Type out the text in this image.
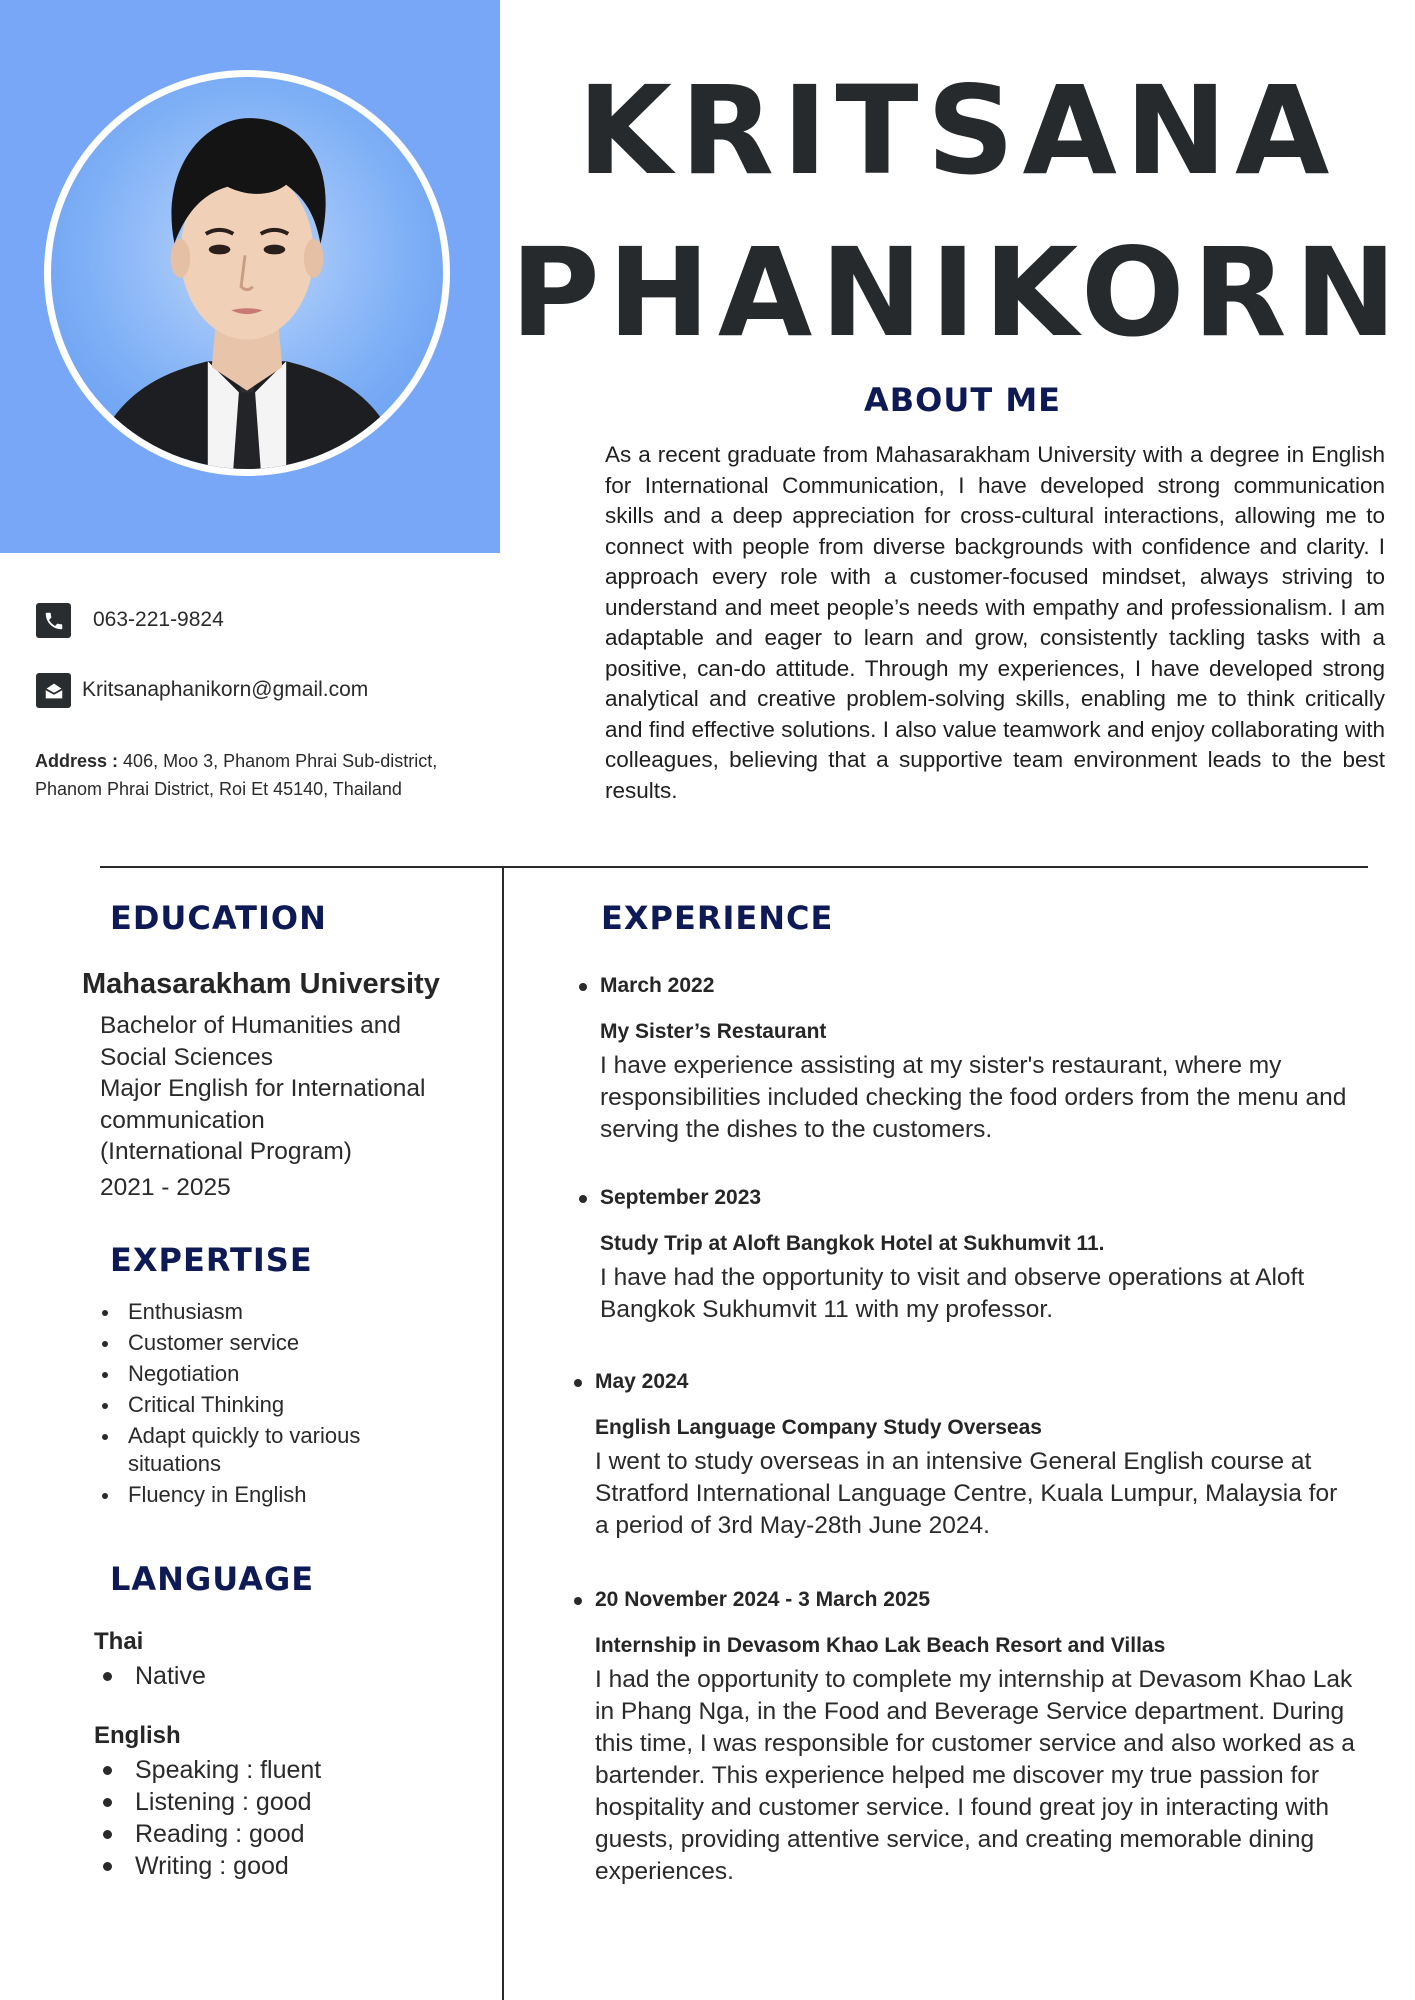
KRITSANA
PHANIKORN
ABOUT ME
As a recent graduate from Mahasarakham University with a degree in English for International Communication, I have developed strong communication skills and a deep appreciation for cross-cultural interactions, allowing me to connect with people from diverse backgrounds with confidence and clarity. I approach every role with a customer-focused mindset, always striving to understand and meet people’s needs with empathy and professionalism. I am adaptable and eager to learn and grow, consistently tackling tasks with a positive, can-do attitude. Through my experiences, I have developed strong analytical and creative problem-solving skills, enabling me to think critically and find effective solutions. I also value teamwork and enjoy collaborating with colleagues, believing that a supportive team environment leads to the best results.
063-221-9824
Kritsanaphanikorn@gmail.com
Address : 406, Moo 3, Phanom Phrai Sub-district,
Phanom Phrai District, Roi Et 45140, Thailand
EDUCATION
Mahasarakham University
Bachelor of Humanities and
Social Sciences
Major English for International
communication
(International Program)
2021 - 2025
EXPERTISE
Enthusiasm
Customer service
Negotiation
Critical Thinking
Adapt quickly to various situations
Fluency in English
LANGUAGE
Thai
Native
English
Speaking : fluent
Listening : good
Reading : good
Writing : good
EXPERIENCE
March 2022
My Sister’s Restaurant
I have experience assisting at my sister's restaurant, where my responsibilities included checking the food orders from the menu and serving the dishes to the customers.
September 2023
Study Trip at Aloft Bangkok Hotel at Sukhumvit 11.
I have had the opportunity to visit and observe operations at Aloft Bangkok Sukhumvit 11 with my professor.
May 2024
English Language Company Study Overseas
I went to study overseas in an intensive General English course at Stratford International Language Centre, Kuala Lumpur, Malaysia for a period of 3rd May-28th June 2024.
20 November 2024 - 3 March 2025
Internship in Devasom Khao Lak Beach Resort and Villas
I had the opportunity to complete my internship at Devasom Khao Lak in Phang Nga, in the Food and Beverage Service department. During this time, I was responsible for customer service and also worked as a bartender. This experience helped me discover my true passion for hospitality and customer service. I found great joy in interacting with guests, providing attentive service, and creating memorable dining experiences.
